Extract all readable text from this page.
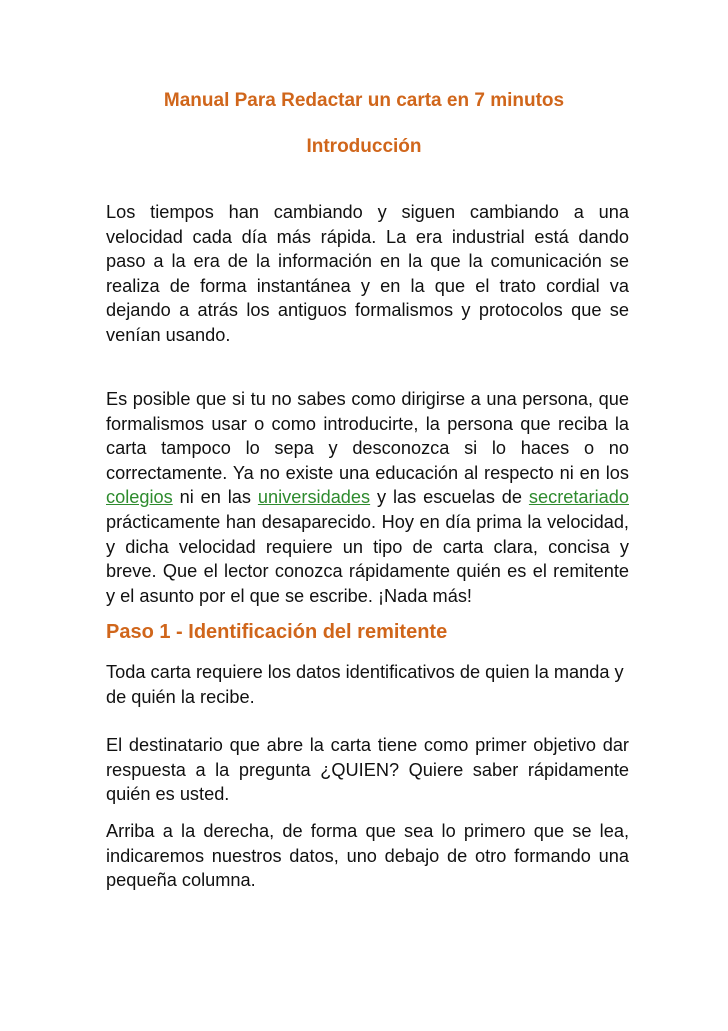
Manual Para Redactar un carta en 7 minutos
Introducción

Los tiempos han cambiando y siguen cambiando a una velocidad cada día más rápida. La era industrial está dando paso a la era de la información en la que la comunicación se realiza de forma instantánea y en la que el trato cordial va dejando a atrás los antiguos formalismos y protocolos que se venían usando.

Es posible que si tu no sabes como dirigirse a una persona, que formalismos usar o como introducirte, la persona que reciba la carta tampoco lo sepa y desconozca si lo haces o no correctamente. Ya no existe una educación al respecto ni en los colegios ni en las universidades y las escuelas de secretariado prácticamente han desaparecido. Hoy en día prima la velocidad, y dicha velocidad requiere un tipo de carta clara, concisa y breve. Que el lector conozca rápidamente quién es el remitente y el asunto por el que se escribe. ¡Nada más!

Paso 1 - Identificación del remitente

Toda carta requiere los datos identificativos de quien la manda y de quién la recibe.

El destinatario que abre la carta tiene como primer objetivo dar respuesta a la pregunta ¿QUIEN? Quiere saber rápidamente quién es usted.

Arriba a la derecha, de forma que sea lo primero que se lea, indicaremos nuestros datos, uno debajo de otro formando una pequeña columna.
